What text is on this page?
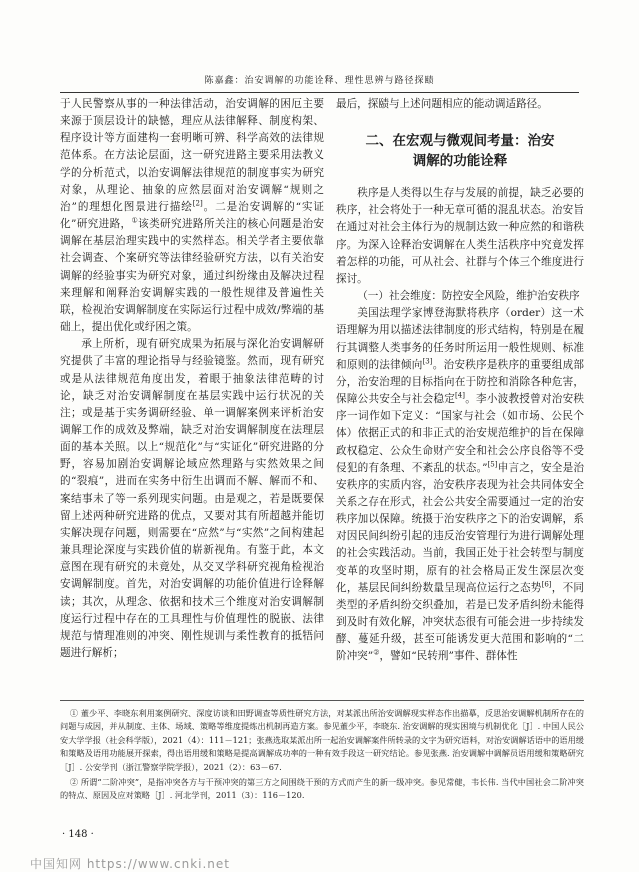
陈嘉鑫：治安调解的功能诠释、理性思辨与路径探赜

于人民警察从事的一种法律活动，治安调解的困厄主要来源于顶层设计的缺憾，理应从法律解释、制度构架、程序设计等方面建构一套明晰可辨、科学高效的法律规范体系。在方法论层面，这一研究进路主要采用法教义学的分析范式，以治安调解法律规范的制度事实为研究对象，从理论、抽象的应然层面对治安调解“规则之治”的理想化图景进行描绘[2]。二是治安调解的“实证化”研究进路，①该类研究进路所关注的核心问题是治安调解在基层治理实践中的实然样态。相关学者主要依靠社会调查、个案研究等法律经验研究方法，以有关治安调解的经验事实为研究对象，通过纠纷缘由及解决过程来理解和阐释治安调解实践的一般性规律及普遍性关联，检视治安调解制度在实际运行过程中成效/弊端的基础上，提出优化或纾困之策。

承上所析，现有研究成果为拓展与深化治安调解研究提供了丰富的理论指导与经验镜鉴。然而，现有研究或是从法律规范角度出发，着眼于抽象法律范畴的讨论，缺乏对治安调解制度在基层实践中运行状况的关注；或是基于实务调研经验、单一调解案例来评析治安调解工作的成效及弊端，缺乏对治安调解制度在法理层面的基本关照。以上“规范化”与“实证化”研究进路的分野，容易加剧治安调解论域应然理路与实然效果之间的“裂痕”，进而在实务中衍生出调而不解、解而不和、案结事未了等一系列现实问题。由是观之，若是既要保留上述两种研究进路的优点，又要对其有所超越并能切实解决现存问题，则需要在“应然”与“实然”之间构建起兼具理论深度与实践价值的崭新视角。有鉴于此，本文意图在现有研究的未竟处，从交叉学科研究视角检视治安调解制度。首先，对治安调解的功能价值进行诠释解读；其次，从理念、依据和技术三个维度对治安调解制度运行过程中存在的工具理性与价值理性的脱嵌、法律规范与情理准则的冲突、刚性规训与柔性教育的抵牾问题进行解析；

最后，探赜与上述问题相应的能动调适路径。

二、在宏观与微观间考量：治安
调解的功能诠释

秩序是人类得以生存与发展的前提，缺乏必要的秩序，社会将处于一种无章可循的混乱状态。治安旨在通过对社会主体行为的规制达致一种应然的和谐秩序。为深入诠释治安调解在人类生活秩序中究竟发挥着怎样的功能，可从社会、社群与个体三个维度进行探讨。

（一）社会维度：防控安全风险，维护治安秩序

美国法理学家博登海默将秩序（order）这一术语理解为用以描述法律制度的形式结构，特别是在履行其调整人类事务的任务时所运用一般性规则、标准和原则的法律倾向[3]。治安秩序是秩序的重要组成部分，治安治理的目标指向在于防控和消除各种危害，保障公共安全与社会稳定[4]。李小波教授曾对治安秩序一词作如下定义：“国家与社会（如市场、公民个体）依据正式的和非正式的治安规范维护的旨在保障政权稳定、公众生命财产安全和社会公序良俗等不受侵犯的有条理、不紊乱的状态。”[5]申言之，安全是治安秩序的实质内容，治安秩序表现为社会共同体安全关系之存在形式，社会公共安全需要通过一定的治安秩序加以保障。统摄于治安秩序之下的治安调解，系对因民间纠纷引起的违反治安管理行为进行调解处理的社会实践活动。当前，我国正处于社会转型与制度变革的攻坚时期，原有的社会格局正发生深层次变化，基层民间纠纷数量呈现高位运行之态势[6]，不同类型的矛盾纠纷交织叠加，若是已发矛盾纠纷未能得到及时有效化解，冲突状态很有可能会进一步持续发酵、蔓延升级，甚至可能诱发更大范围和影响的“二阶冲突”②，譬如“民转刑”事件、群体性

① 董少平、李晓东利用案例研究、深度访谈和田野调查等质性研究方法，对某派出所治安调解现实样态作出描摹，反思治安调解机制所存在的问题与成因，并从制度、主体、场域、策略等维度提炼出机制再造方案。参见董少平，李晓东. 治安调解的现实困境与机制优化［J］. 中国人民公安大学学报（社会科学版），2021（4）：111－121；张燕选取某派出所一起治安调解案件所转录的文字为研究语料，对治安调解话语中的语用缓和策略及语用功能展开探索，得出语用缓和策略是提高调解成功率的一种有效手段这一研究结论。参见张燕. 治安调解中调解员语用缓和策略研究［J］. 公安学刊（浙江警察学院学报），2021（2）：63－67.

② 所谓“二阶冲突”，是指冲突各方与干预冲突的第三方之间围绕干预的方式而产生的新一级冲突。参见常健，韦长伟. 当代中国社会二阶冲突的特点、原因及应对策略［J］. 河北学刊，2011（3）：116－120.

· 148 ·
中国知网 https://www.cnki.net
